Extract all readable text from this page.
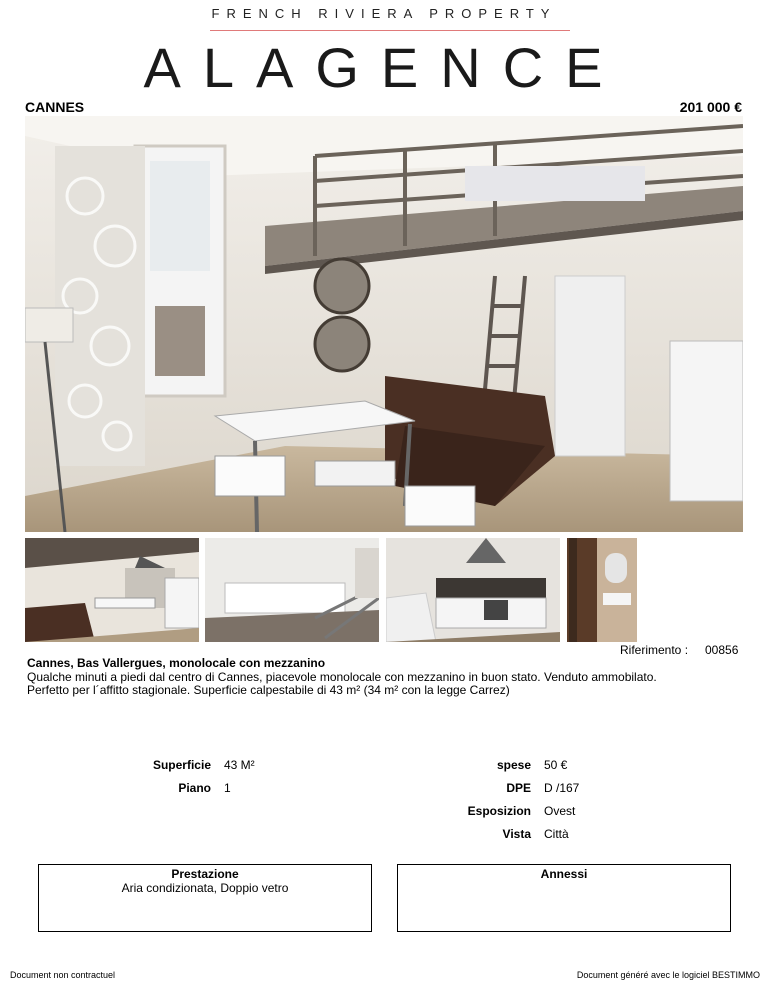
FRENCH RIVIERA PROPERTY
ALAGENCE
CANNES	201 000 €
Riferimento : 00856
Cannes, Bas Vallergues, monolocale con mezzanino
Qualche minuti a piedi dal centro di Cannes, piacevole monolocale con mezzanino in buon stato. Venduto ammobilato.
Perfetto per l´affitto stagionale. Superficie calpestabile di 43 m² (34 m² con la legge Carrez)
Superficie 43 M²
Piano 1
spese 50 €
DPE D /167
Esposizion Ovest
Vista Città
Prestazione
Aria condizionata, Doppio vetro
Annessi
Document non contractuel	Document généré avec le logiciel BESTIMMO
